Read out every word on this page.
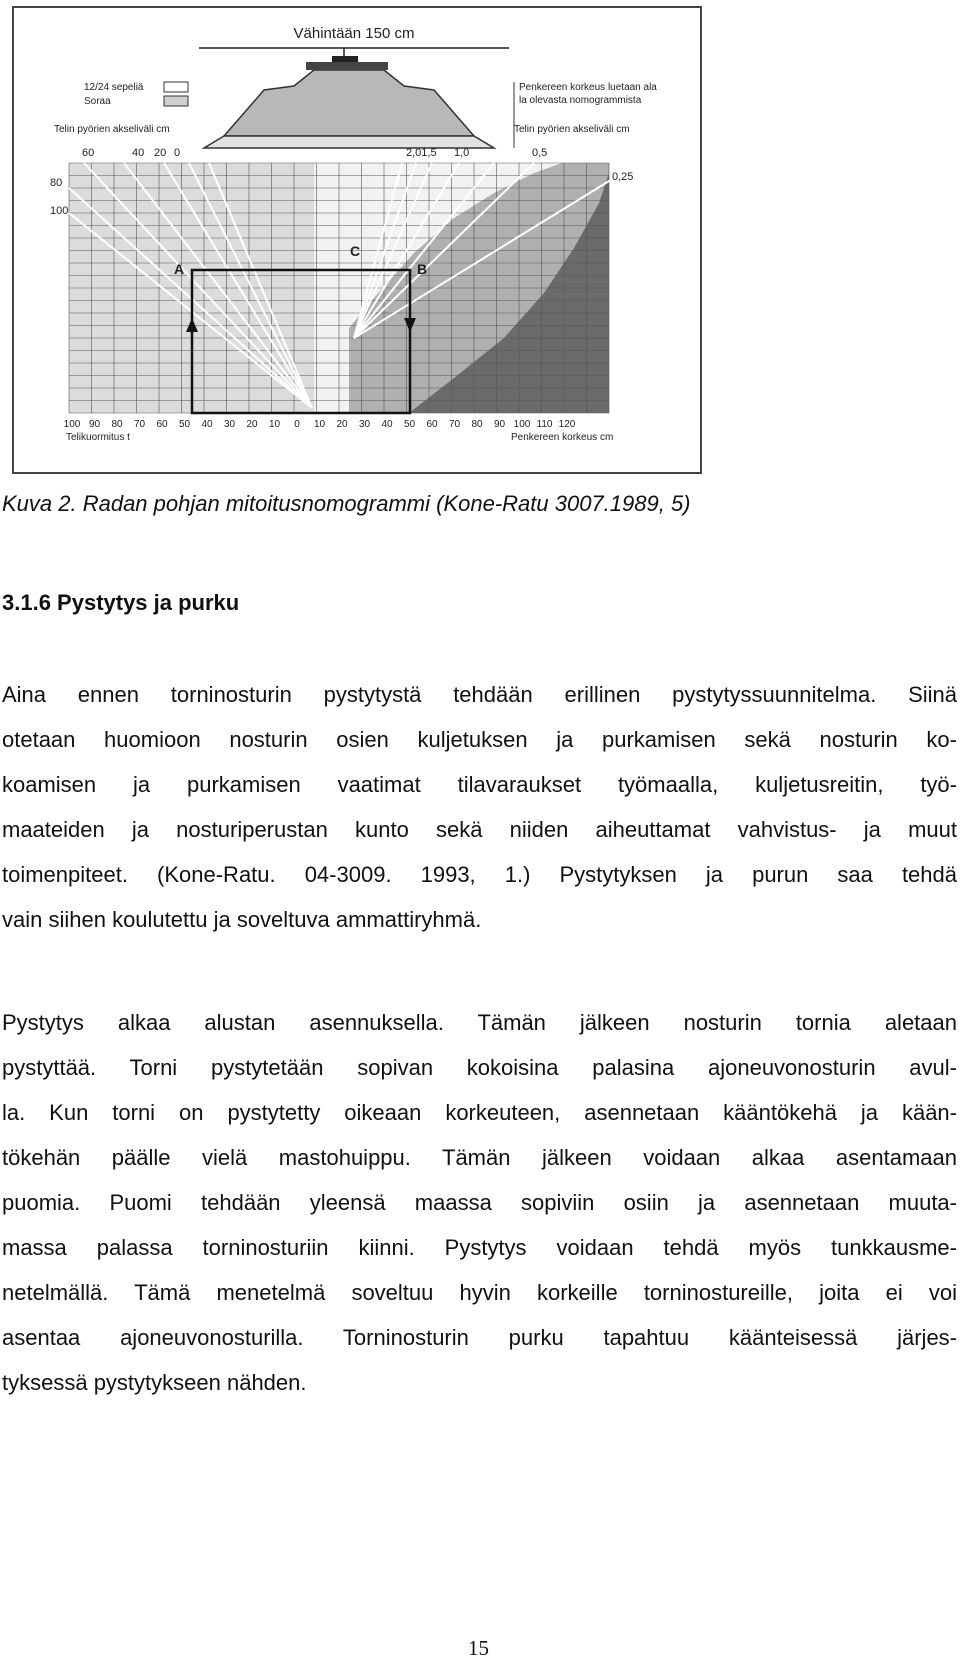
Vähintään 150 cm
12/24 sepeliä
Soraa
Penkereen korkeus luetaan ala
la olevasta nomogrammista
Telin pyörien akseliväli cm
60	40 20 0
Telin pyörien akseliväli cm
2,01,5 1,0	0,5
0,25
80
100
A	B
C
100 90 80 70 60 50 40 30 20 10 0 10 20 30 40 50 60 70 80 90 100 110 120
Telikuormitus t	Penkereen korkeus cm
Kuva 2. Radan pohjan mitoitusnomogrammi (Kone-Ratu 3007.1989, 5)
3.1.6 Pystytys ja purku

Aina ennen torninosturin pystytystä tehdään erillinen pystytyssuunnitelma. Siinä
otetaan huomioon nosturin osien kuljetuksen ja purkamisen sekä nosturin ko-
koamisen ja purkamisen vaatimat tilavaraukset työmaalla, kuljetusreitin, työ-
maateiden ja nosturiperustan kunto sekä niiden aiheuttamat vahvistus- ja muut
toimenpiteet. (Kone-Ratu. 04-3009. 1993, 1.) Pystytyksen ja purun saa tehdä
vain siihen koulutettu ja soveltuva ammattiryhmä.

Pystytys alkaa alustan asennuksella. Tämän jälkeen nosturin tornia aletaan
pystyttää. Torni pystytetään sopivan kokoisina palasina ajoneuvonosturin avul-
la. Kun torni on pystytetty oikeaan korkeuteen, asennetaan kääntökehä ja kään-
tökehän päälle vielä mastohuippu. Tämän jälkeen voidaan alkaa asentamaan
puomia. Puomi tehdään yleensä maassa sopiviin osiin ja asennetaan muuta-
massa palassa torninosturiin kiinni. Pystytys voidaan tehdä myös tunkkausme-
netelmällä. Tämä menetelmä soveltuu hyvin korkeille torninostureille, joita ei voi
asentaa ajoneuvonosturilla. Torninosturin purku tapahtuu käänteisessä järjes-
tyksessä pystytykseen nähden.

15
